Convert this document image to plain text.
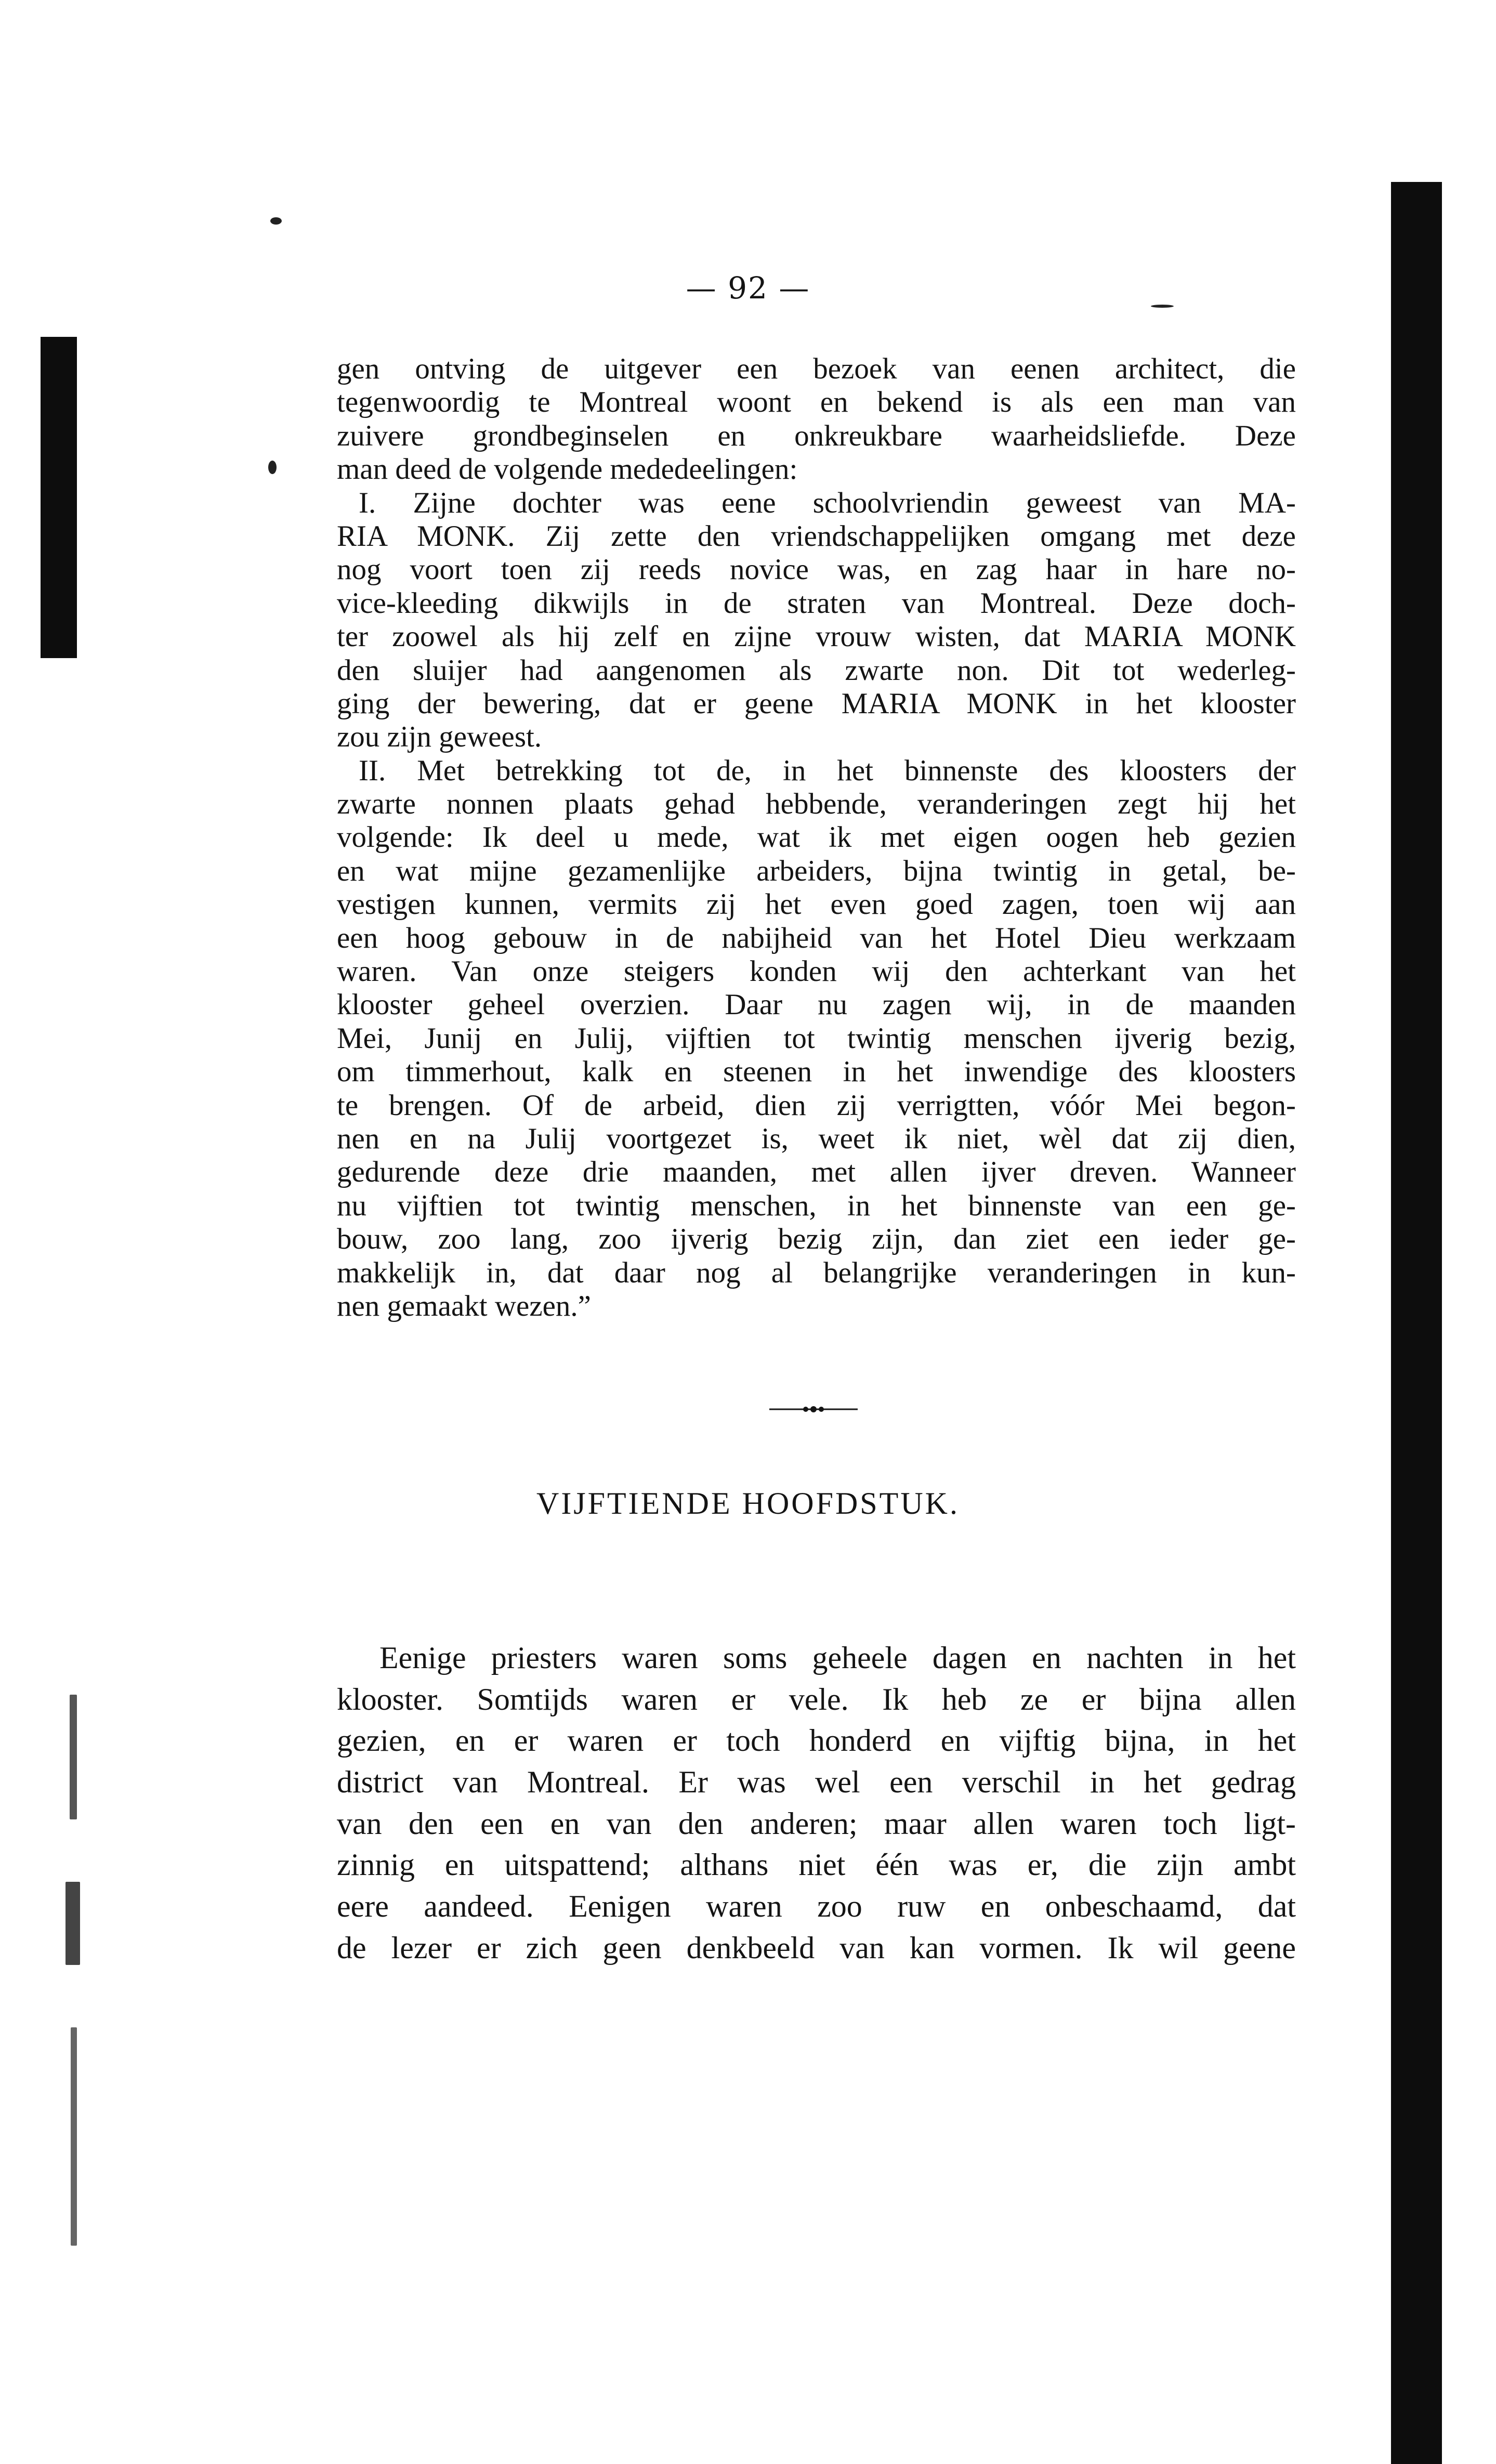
— 92 —
gen ontving de uitgever een bezoek van eenen architect, die
tegenwoordig te Montreal woont en bekend is als een man van
zuivere grondbeginselen en onkreukbare waarheidsliefde. Deze
man deed de volgende mededeelingen:
I. Zijne dochter was eene schoolvriendin geweest van MA-
RIA MONK. Zij zette den vriendschappelijken omgang met deze
nog voort toen zij reeds novice was, en zag haar in hare no-
vice-kleeding dikwijls in de straten van Montreal. Deze doch-
ter zoowel als hij zelf en zijne vrouw wisten, dat MARIA MONK
den sluijer had aangenomen als zwarte non. Dit tot wederleg-
ging der bewering, dat er geene MARIA MONK in het klooster
zou zijn geweest.
II. Met betrekking tot de, in het binnenste des kloosters der
zwarte nonnen plaats gehad hebbende, veranderingen zegt hij het
volgende: Ik deel u mede, wat ik met eigen oogen heb gezien
en wat mijne gezamenlijke arbeiders, bijna twintig in getal, be-
vestigen kunnen, vermits zij het even goed zagen, toen wij aan
een hoog gebouw in de nabijheid van het Hotel Dieu werkzaam
waren. Van onze steigers konden wij den achterkant van het
klooster geheel overzien. Daar nu zagen wij, in de maanden
Mei, Junij en Julij, vijftien tot twintig menschen ijverig bezig,
om timmerhout, kalk en steenen in het inwendige des kloosters
te brengen. Of de arbeid, dien zij verrigtten, vóór Mei begon-
nen en na Julij voortgezet is, weet ik niet, wèl dat zij dien,
gedurende deze drie maanden, met allen ijver dreven. Wanneer
nu vijftien tot twintig menschen, in het binnenste van een ge-
bouw, zoo lang, zoo ijverig bezig zijn, dan ziet een ieder ge-
makkelijk in, dat daar nog al belangrijke veranderingen in kun-
nen gemaakt wezen.”
VIJFTIENDE HOOFDSTUK.
Eenige priesters waren soms geheele dagen en nachten in het
klooster. Somtijds waren er vele. Ik heb ze er bijna allen
gezien, en er waren er toch honderd en vijftig bijna, in het
district van Montreal. Er was wel een verschil in het gedrag
van den een en van den anderen; maar allen waren toch ligt-
zinnig en uitspattend; althans niet één was er, die zijn ambt
eere aandeed. Eenigen waren zoo ruw en onbeschaamd, dat
de lezer er zich geen denkbeeld van kan vormen. Ik wil geene
